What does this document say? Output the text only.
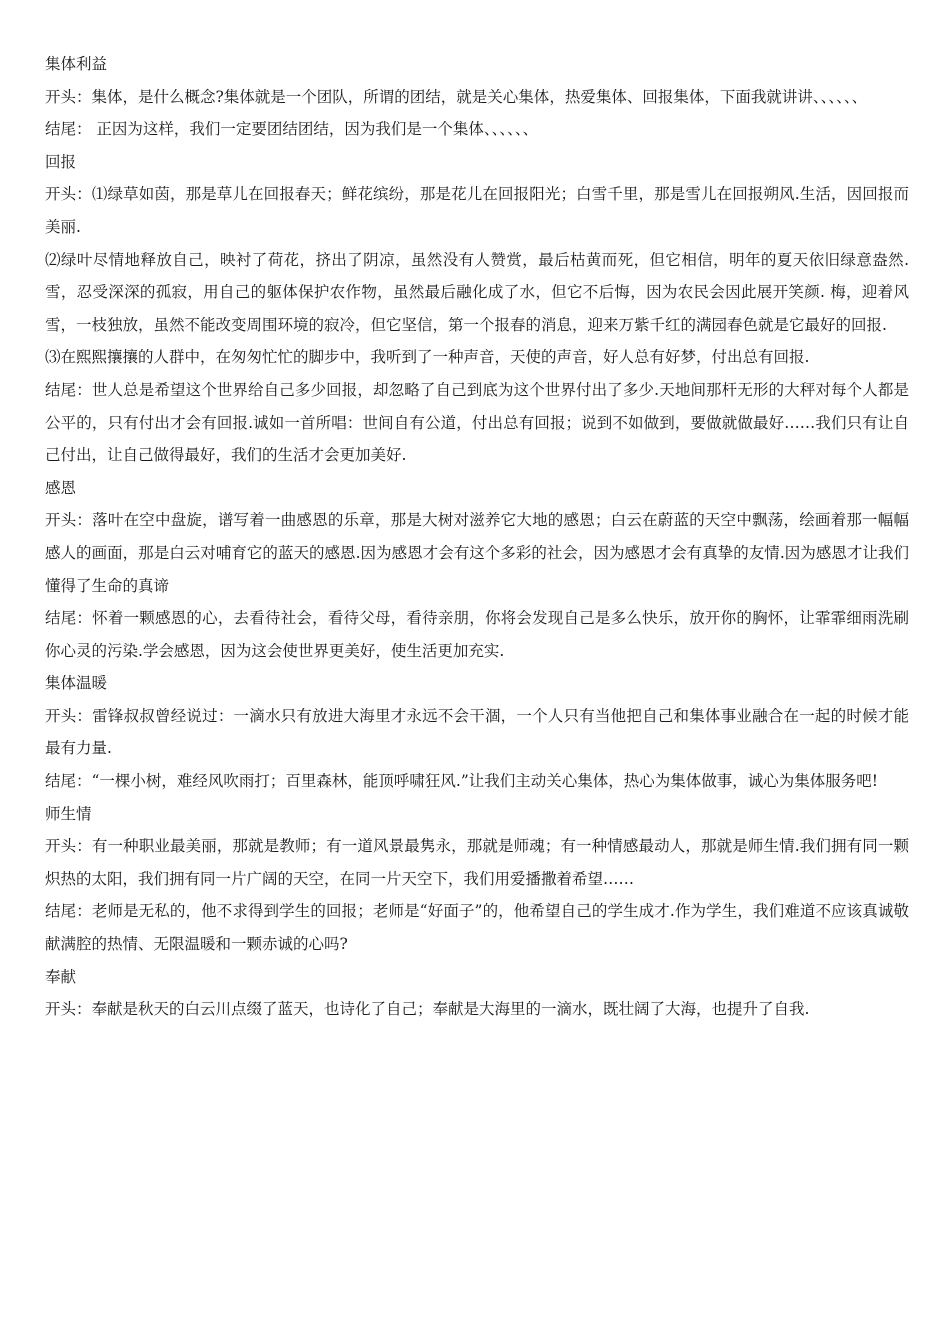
集体利益

开头：集体，是什么概念?集体就是一个团队，所谓的团结，就是关心集体，热爱集体、回报集体，下面我就讲讲、、、、、、

结尾： 正因为这样，我们一定要团结团结，因为我们是一个集体、、、、、、

回报

开头：⑴绿草如茵，那是草儿在回报春天；鲜花缤纷，那是花儿在回报阳光；白雪千里，那是雪儿在回报朔风.生活，因回报而美丽.

⑵绿叶尽情地释放自己，映衬了荷花，挤出了阴凉，虽然没有人赞赏，最后枯黄而死，但它相信，明年的夏天依旧绿意盎然. 雪，忍受深深的孤寂，用自己的躯体保护农作物，虽然最后融化成了水，但它不后悔，因为农民会因此展开笑颜. 梅，迎着风雪，一枝独放，虽然不能改变周围环境的寂冷，但它坚信，第一个报春的消息，迎来万紫千红的满园春色就是它最好的回报.

⑶在熙熙攘攘的人群中，在匆匆忙忙的脚步中，我听到了一种声音，天使的声音，好人总有好梦，付出总有回报.

结尾：世人总是希望这个世界给自己多少回报，却忽略了自己到底为这个世界付出了多少.天地间那杆无形的大秤对每个人都是公平的，只有付出才会有回报.诚如一首所唱：世间自有公道，付出总有回报；说到不如做到，要做就做最好……我们只有让自己付出，让自己做得最好，我们的生活才会更加美好.

感恩

开头：落叶在空中盘旋，谱写着一曲感恩的乐章，那是大树对滋养它大地的感恩；白云在蔚蓝的天空中飘荡，绘画着那一幅幅感人的画面，那是白云对哺育它的蓝天的感恩.因为感恩才会有这个多彩的社会，因为感恩才会有真挚的友情.因为感恩才让我们懂得了生命的真谛

结尾：怀着一颗感恩的心，去看待社会，看待父母，看待亲朋，你将会发现自己是多么快乐，放开你的胸怀，让霏霏细雨洗刷你心灵的污染.学会感恩，因为这会使世界更美好，使生活更加充实.

集体温暖

开头：雷锋叔叔曾经说过：一滴水只有放进大海里才永远不会干涸，一个人只有当他把自己和集体事业融合在一起的时候才能最有力量.

结尾：“一棵小树，难经风吹雨打；百里森林，能顶呼啸狂风.”让我们主动关心集体，热心为集体做事，诚心为集体服务吧!

师生情

开头：有一种职业最美丽，那就是教师；有一道风景最隽永，那就是师魂；有一种情感最动人，那就是师生情.我们拥有同一颗炽热的太阳，我们拥有同一片广阔的天空，在同一片天空下，我们用爱播撒着希望……

结尾：老师是无私的，他不求得到学生的回报；老师是“好面子”的，他希望自己的学生成才.作为学生，我们难道不应该真诚敬献满腔的热情、无限温暖和一颗赤诚的心吗?

奉献

开头：奉献是秋天的白云川点缀了蓝天，也诗化了自己；奉献是大海里的一滴水，既壮阔了大海，也提升了自我.
